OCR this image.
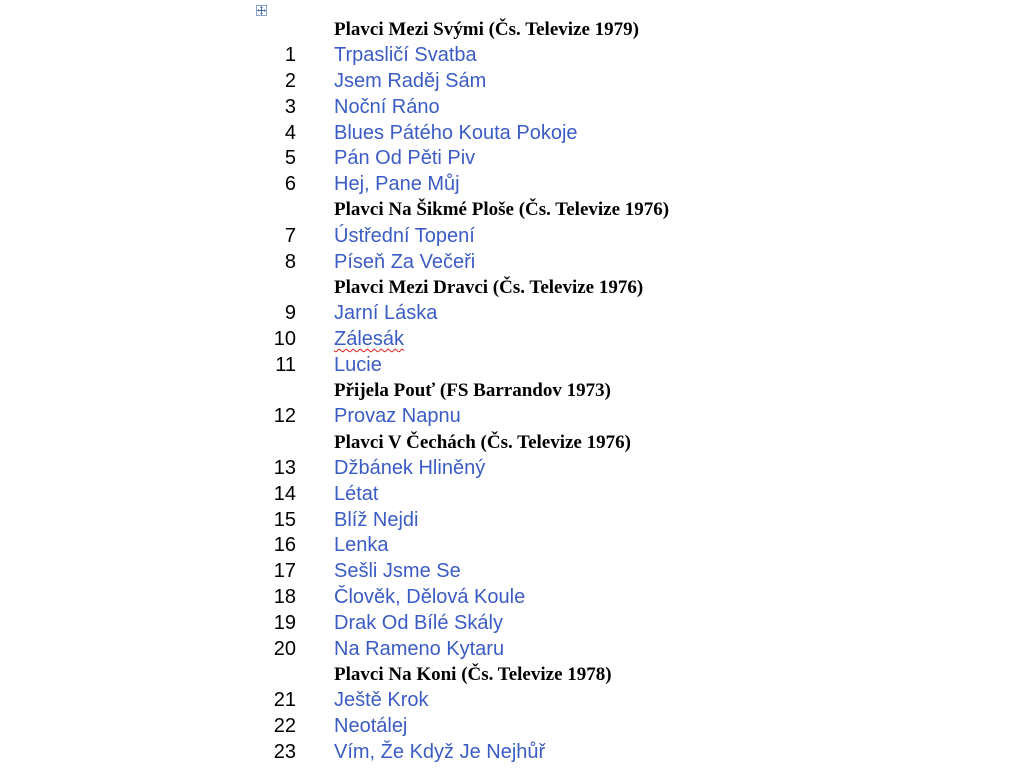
Plavci Mezi Svými (Čs. Televize 1979)
1	Trpasličí Svatba
2	Jsem Raděj Sám
3	Noční Ráno
4	Blues Pátého Kouta Pokoje
5	Pán Od Pěti Piv
6	Hej, Pane Můj
Plavci Na Šikmé Ploše (Čs. Televize 1976)
7	Ústřední Topení
8	Píseň Za Večeři
Plavci Mezi Dravci (Čs. Televize 1976)
9	Jarní Láska
10	Zálesák
11	Lucie
Přijela Pouť (FS Barrandov 1973)
12	Provaz Napnu
Plavci V Čechách (Čs. Televize 1976)
13	Džbánek Hliněný
14	Létat
15	Blíž Nejdi
16	Lenka
17	Sešli Jsme Se
18	Člověk, Dělová Koule
19	Drak Od Bílé Skály
20	Na Rameno Kytaru
Plavci Na Koni (Čs. Televize 1978)
21	Ještě Krok
22	Neotálej
23	Vím, Že Když Je Nejhůř
